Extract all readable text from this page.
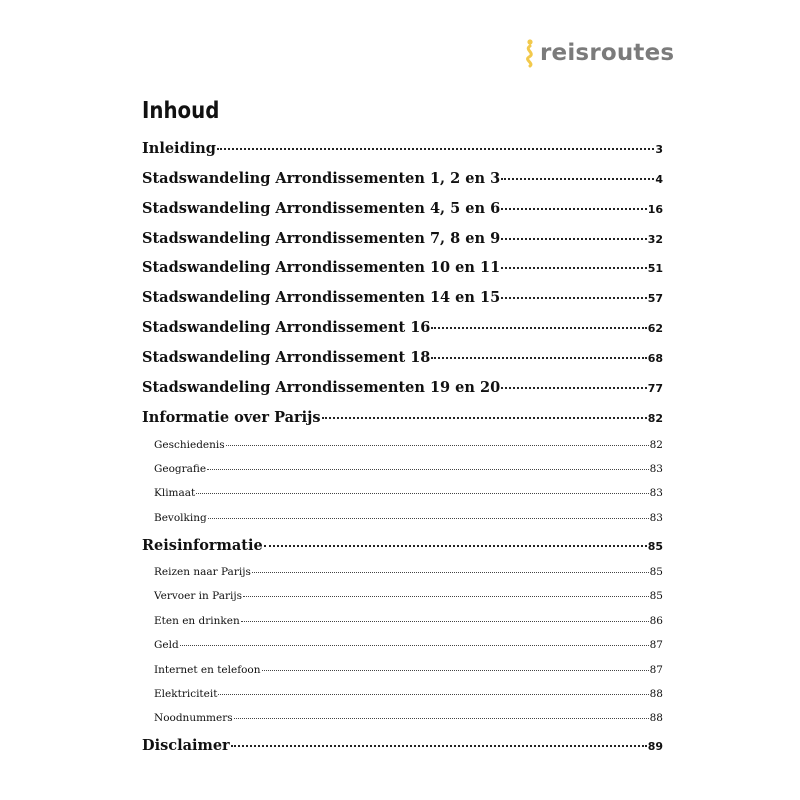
reisroutes
Inhoud
Inleiding	3
Stadswandeling Arrondissementen 1, 2 en 3	4
Stadswandeling Arrondissementen 4, 5 en 6	16
Stadswandeling Arrondissementen 7, 8 en 9	32
Stadswandeling Arrondissementen 10 en 11	51
Stadswandeling Arrondissementen 14 en 15	57
Stadswandeling Arrondissement 16	62
Stadswandeling Arrondissement 18	68
Stadswandeling Arrondissementen 19 en 20	77
Informatie over Parijs	82
Geschiedenis	82
Geografie	83
Klimaat	83
Bevolking	83
Reisinformatie	85
Reizen naar Parijs	85
Vervoer in Parijs	85
Eten en drinken	86
Geld	87
Internet en telefoon	87
Elektriciteit	88
Noodnummers	88
Disclaimer	89
